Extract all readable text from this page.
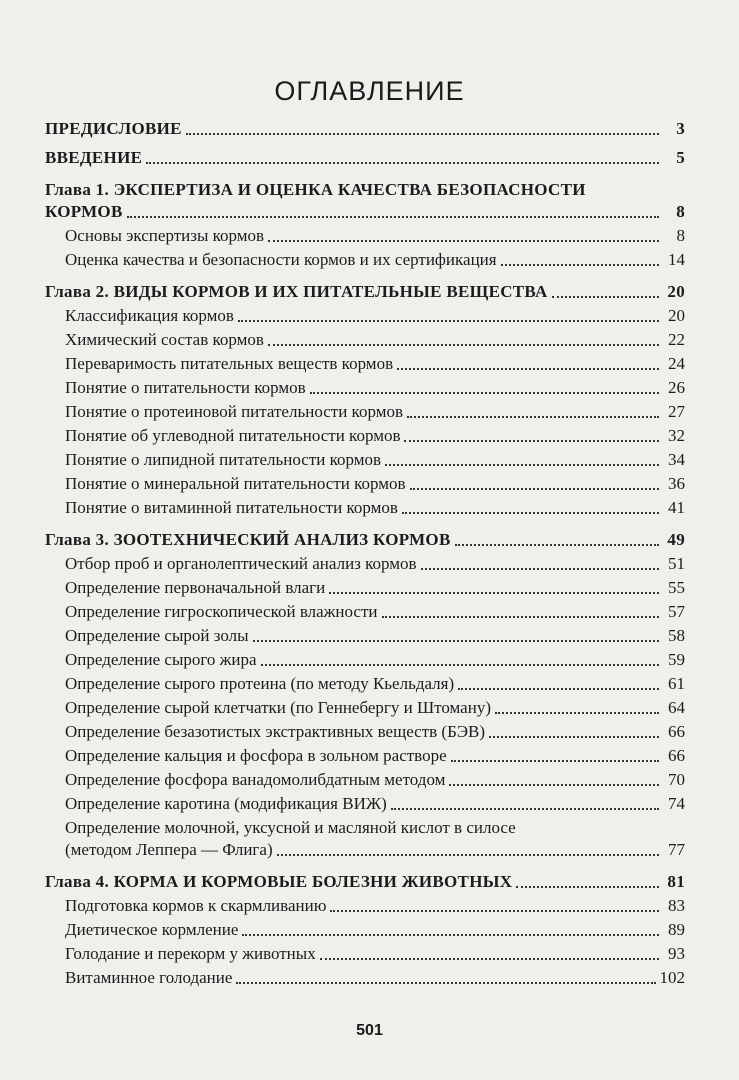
ОГЛАВЛЕНИЕ
ПРЕДИСЛОВИЕ	3
ВВЕДЕНИЕ	5
Глава 1. ЭКСПЕРТИЗА И ОЦЕНКА КАЧЕСТВА БЕЗОПАСНОСТИ
КОРМОВ	8
Основы экспертизы кормов	8
Оценка качества и безопасности кормов и их сертификация	14
Глава 2. ВИДЫ КОРМОВ И ИХ ПИТАТЕЛЬНЫЕ ВЕЩЕСТВА	20
Классификация кормов	20
Химический состав кормов	22
Переваримость питательных веществ кормов	24
Понятие о питательности кормов	26
Понятие о протеиновой питательности кормов	27
Понятие об углеводной питательности кормов	32
Понятие о липидной питательности кормов	34
Понятие о минеральной питательности кормов	36
Понятие о витаминной питательности кормов	41
Глава 3. ЗООТЕХНИЧЕСКИЙ АНАЛИЗ КОРМОВ	49
Отбор проб и органолептический анализ кормов	51
Определение первоначальной влаги	55
Определение гигроскопической влажности	57
Определение сырой золы	58
Определение сырого жира	59
Определение сырого протеина (по методу Кьельдаля)	61
Определение сырой клетчатки (по Геннебергу и Штоману)	64
Определение безазотистых экстрактивных веществ (БЭВ)	66
Определение кальция и фосфора в зольном растворе	66
Определение фосфора ванадомолибдатным методом	70
Определение каротина (модификация ВИЖ)	74
Определение молочной, уксусной и масляной кислот в силосе
(методом Леппера — Флига)	77
Глава 4. КОРМА И КОРМОВЫЕ БОЛЕЗНИ ЖИВОТНЫХ	81
Подготовка кормов к скармливанию	83
Диетическое кормление	89
Голодание и перекорм у животных	93
Витаминное голодание	102
501
